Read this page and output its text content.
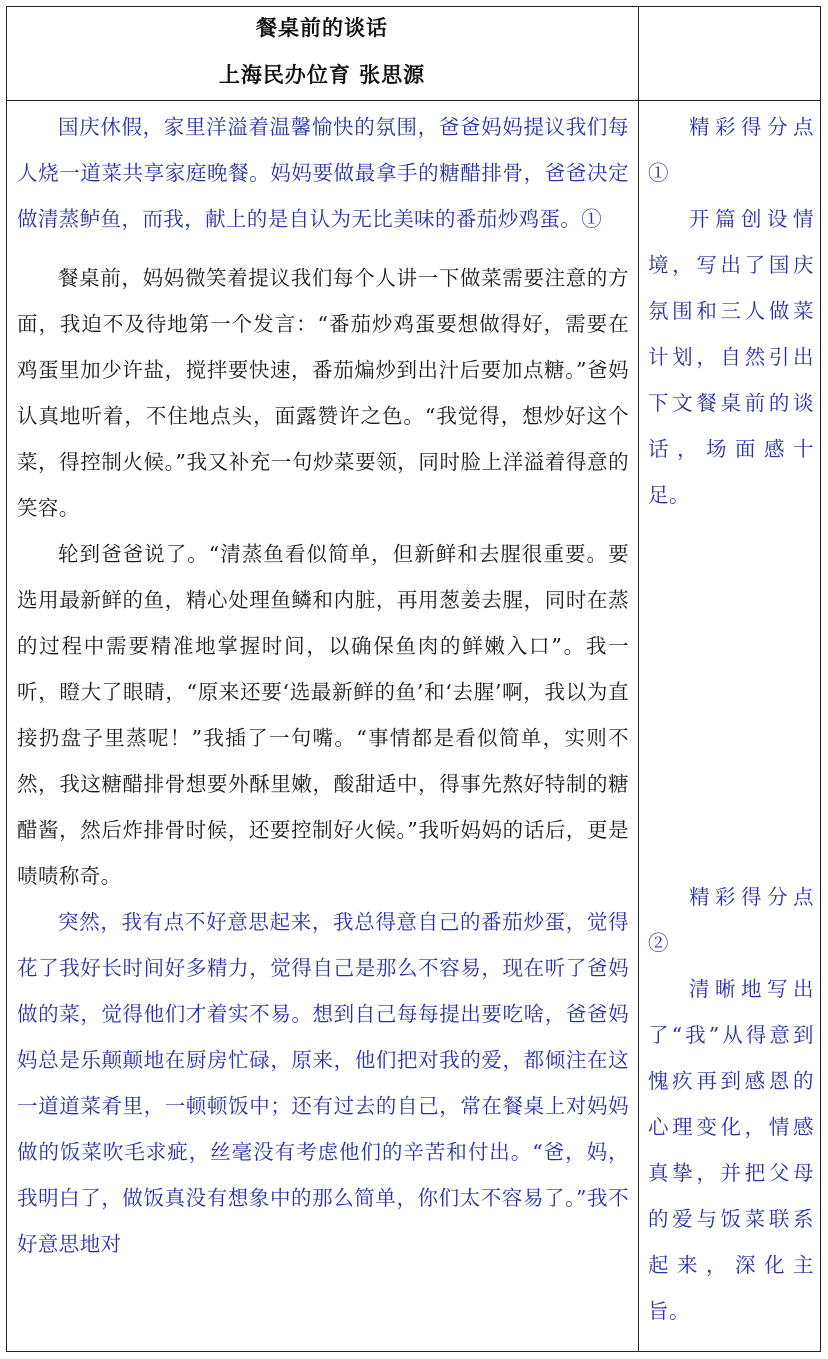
餐桌前的谈话
上海民办位育 张思源

国庆休假，家里洋溢着温馨愉快的氛围，爸爸妈妈提议我们每人烧一道菜共享家庭晚餐。妈妈要做最拿手的糖醋排骨，爸爸决定做清蒸鲈鱼，而我，献上的是自认为无比美味的番茄炒鸡蛋。①

餐桌前，妈妈微笑着提议我们每个人讲一下做菜需要注意的方面，我迫不及待地第一个发言：“番茄炒鸡蛋要想做得好，需要在鸡蛋里加少许盐，搅拌要快速，番茄煸炒到出汁后要加点糖。”爸妈认真地听着，不住地点头，面露赞许之色。“我觉得，想炒好这个菜，得控制火候。”我又补充一句炒菜要领，同时脸上洋溢着得意的笑容。

轮到爸爸说了。“清蒸鱼看似简单，但新鲜和去腥很重要。要选用最新鲜的鱼，精心处理鱼鳞和内脏，再用葱姜去腥，同时在蒸的过程中需要精准地掌握时间，以确保鱼肉的鲜嫩入口”。我一听，瞪大了眼睛，“原来还要‘选最新鲜的鱼’和‘去腥’啊，我以为直接扔盘子里蒸呢！”我插了一句嘴。“事情都是看似简单，实则不然，我这糖醋排骨想要外酥里嫩，酸甜适中，得事先熬好特制的糖醋酱，然后炸排骨时候，还要控制好火候。”我听妈妈的话后，更是啧啧称奇。

突然，我有点不好意思起来，我总得意自己的番茄炒蛋，觉得花了我好长时间好多精力，觉得自己是那么不容易，现在听了爸妈做的菜，觉得他们才着实不易。想到自己每每提出要吃啥，爸爸妈妈总是乐颠颠地在厨房忙碌，原来，他们把对我的爱，都倾注在这一道道菜肴里，一顿顿饭中；还有过去的自己，常在餐桌上对妈妈做的饭菜吹毛求疵，丝毫没有考虑他们的辛苦和付出。“爸，妈，我明白了，做饭真没有想象中的那么简单，你们太不容易了。”我不好意思地对

精彩得分点①

开篇创设情境，写出了国庆氛围和三人做菜计划，自然引出下文餐桌前的谈话，场面感十足。

精彩得分点②

清晰地写出了“我”从得意到愧疚再到感恩的心理变化，情感真挚，并把父母的爱与饭菜联系起来，深化主旨。
